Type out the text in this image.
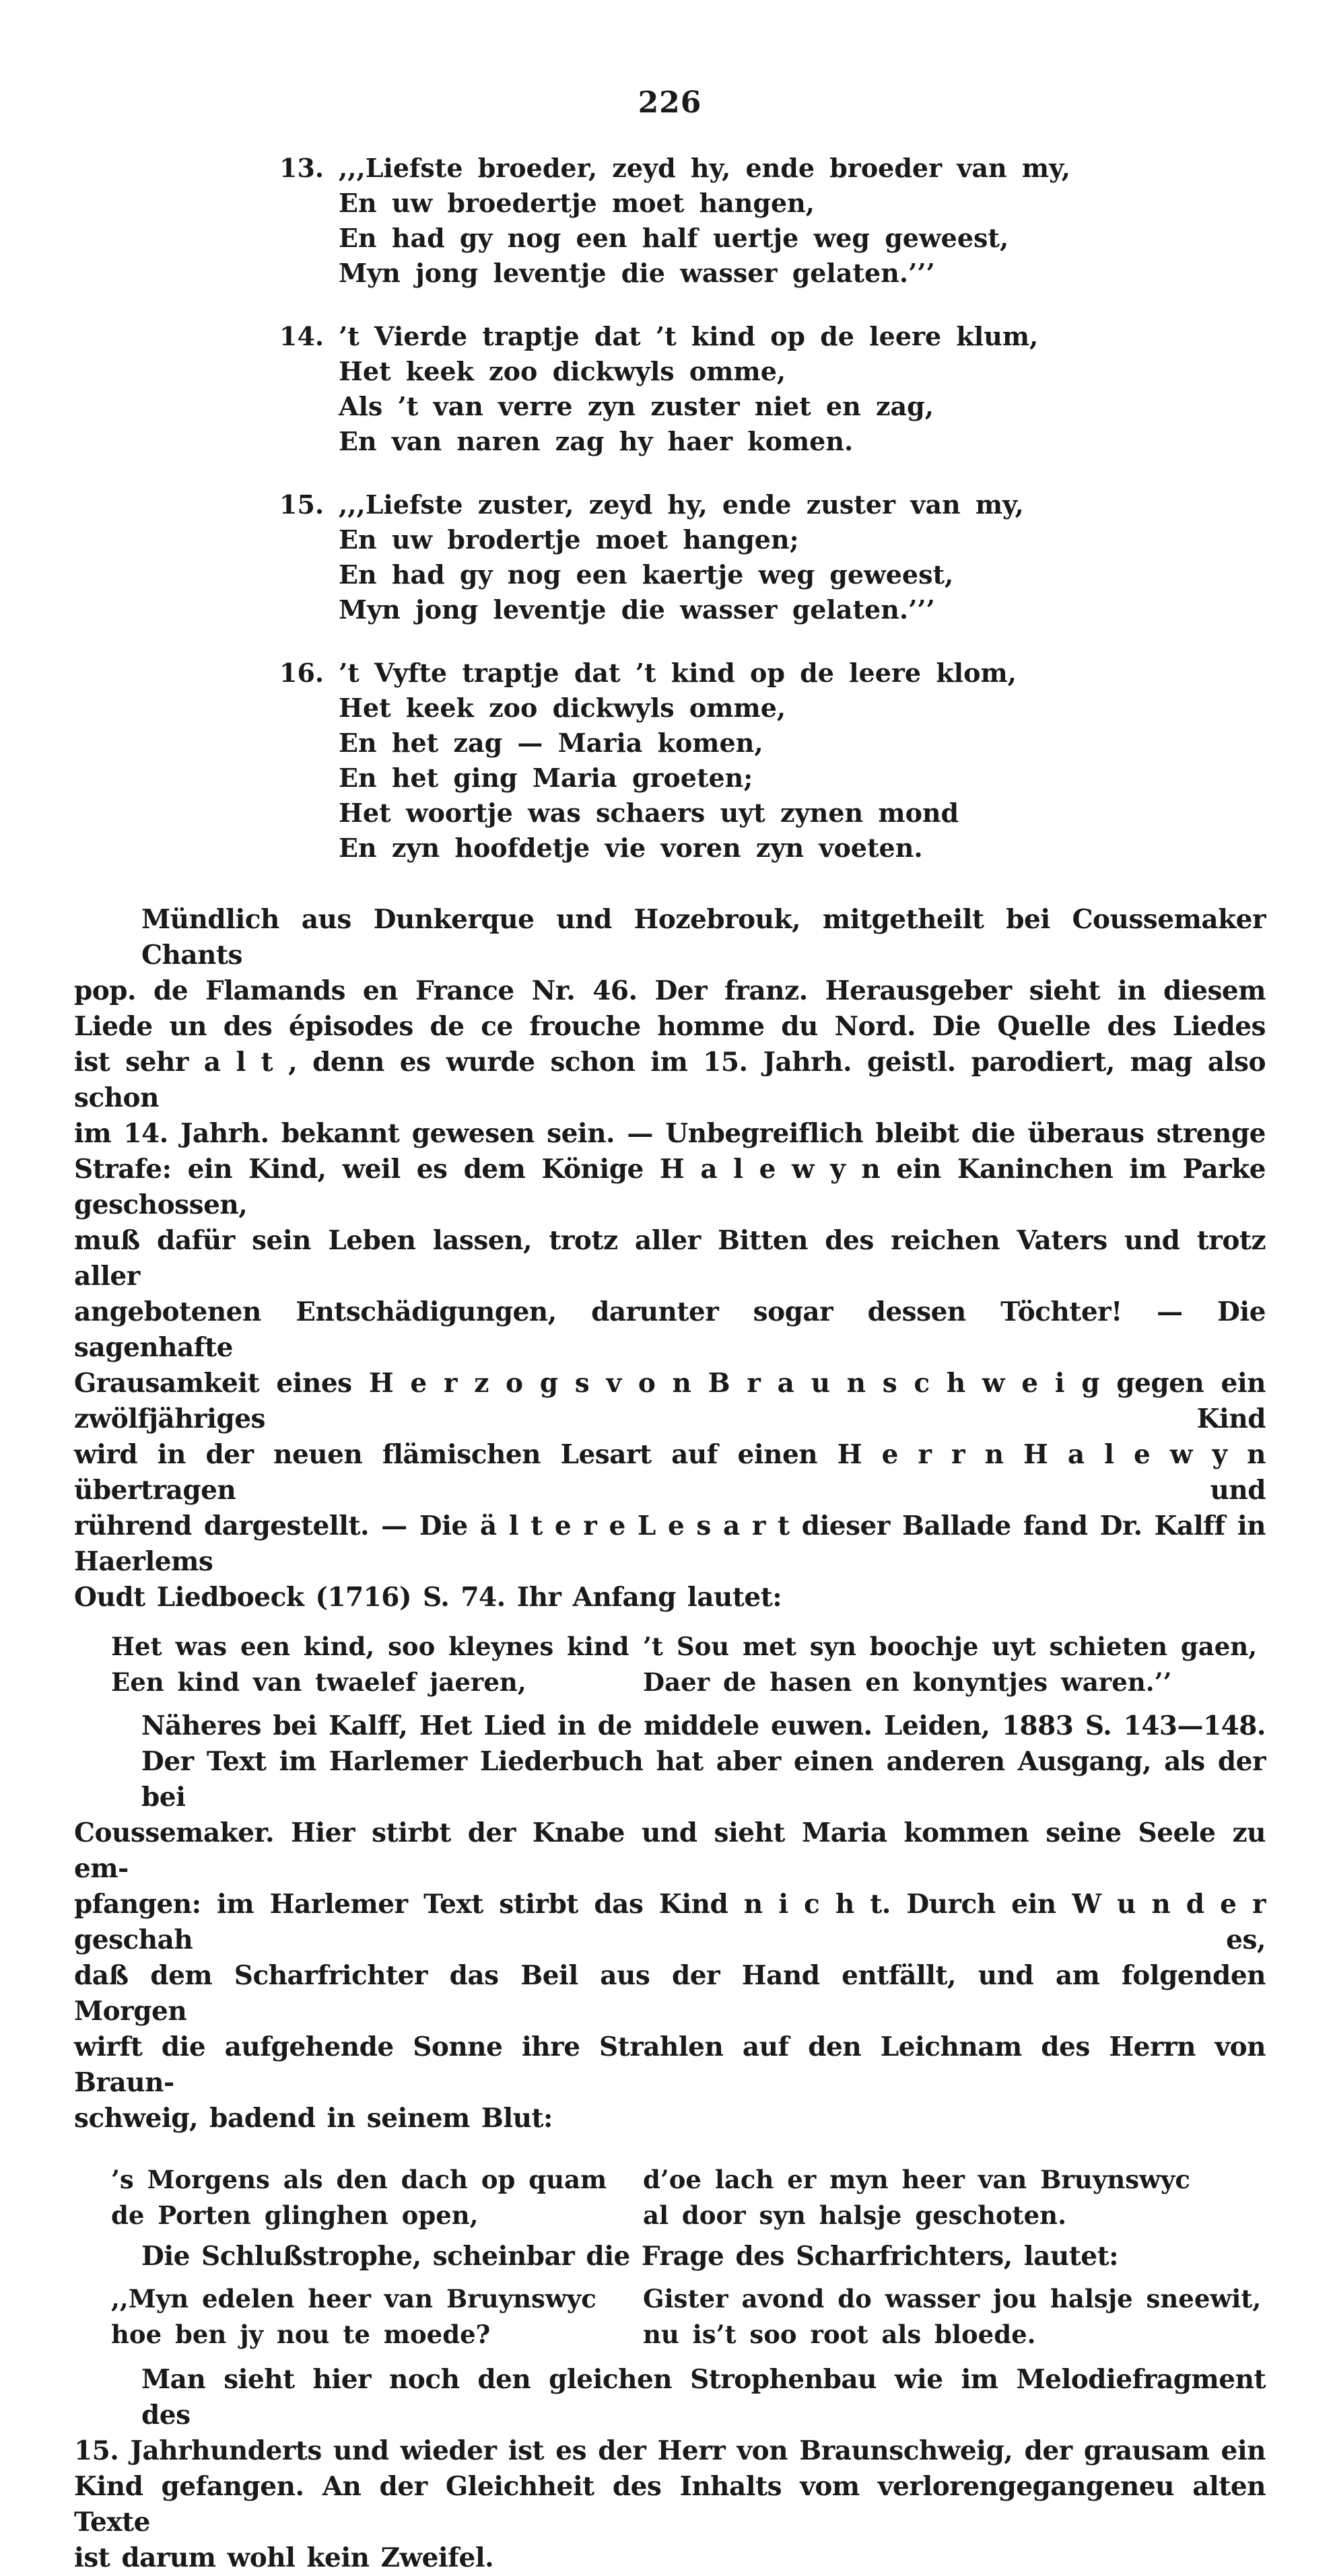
226
13. ,,,Liefste broeder, zeyd hy, ende broeder van my,
En uw broedertje moet hangen,
En had gy nog een half uertje weg geweest,
Myn jong leventje die wasser gelaten.’’’
14. ’t Vierde traptje dat ’t kind op de leere klum,
Het keek zoo dickwyls omme,
Als ’t van verre zyn zuster niet en zag,
En van naren zag hy haer komen.
15. ,,,Liefste zuster, zeyd hy, ende zuster van my,
En uw brodertje moet hangen;
En had gy nog een kaertje weg geweest,
Myn jong leventje die wasser gelaten.’’’
16. ’t Vyfte traptje dat ’t kind op de leere klom,
Het keek zoo dickwyls omme,
En het zag — Maria komen,
En het ging Maria groeten;
Het woortje was schaers uyt zynen mond
En zyn hoofdetje vie voren zyn voeten.
Mündlich aus Dunkerque und Hozebrouk, mitgetheilt bei Coussemaker Chants
pop. de Flamands en France Nr. 46. Der franz. Herausgeber sieht in diesem
Liede un des épisodes de ce frouche homme du Nord. Die Quelle des Liedes
ist sehr a l t , denn es wurde schon im 15. Jahrh. geistl. parodiert, mag also schon
im 14. Jahrh. bekannt gewesen sein. — Unbegreiflich bleibt die überaus strenge
Strafe: ein Kind, weil es dem Könige H a l e w y n ein Kaninchen im Parke geschossen,
muß dafür sein Leben lassen, trotz aller Bitten des reichen Vaters und trotz aller
angebotenen Entschädigungen, darunter sogar dessen Töchter! — Die sagenhafte
Grausamkeit eines H e r z o g s v o n B r a u n s c h w e i g gegen ein zwölfjähriges Kind
wird in der neuen flämischen Lesart auf einen H e r r n H a l e w y n übertragen und
rührend dargestellt. — Die ä l t e r e L e s a r t dieser Ballade fand Dr. Kalff in Haerlems
Oudt Liedboeck (1716) S. 74. Ihr Anfang lautet:
Het was een kind, soo kleynes kind
Een kind van twaelef jaeren,
’t Sou met syn boochje uyt schieten gaen,
Daer de hasen en konyntjes waren.’’
Näheres bei Kalff, Het Lied in de middele euwen. Leiden, 1883 S. 143—148.
Der Text im Harlemer Liederbuch hat aber einen anderen Ausgang, als der bei
Coussemaker. Hier stirbt der Knabe und sieht Maria kommen seine Seele zu em-
pfangen: im Harlemer Text stirbt das Kind n i c h t. Durch ein W u n d e r geschah es,
daß dem Scharfrichter das Beil aus der Hand entfällt, und am folgenden Morgen
wirft die aufgehende Sonne ihre Strahlen auf den Leichnam des Herrn von Braun-
schweig, badend in seinem Blut:
’s Morgens als den dach op quam
de Porten glinghen open,
d’oe lach er myn heer van Bruynswyc
al door syn halsje geschoten.
Die Schlußstrophe, scheinbar die Frage des Scharfrichters, lautet:
,,Myn edelen heer van Bruynswyc
hoe ben jy nou te moede?
Gister avond do wasser jou halsje sneewit,
nu is’t soo root als bloede.
Man sieht hier noch den gleichen Strophenbau wie im Melodiefragment des
15. Jahrhunderts und wieder ist es der Herr von Braunschweig, der grausam ein
Kind gefangen. An der Gleichheit des Inhalts vom verlorengegangeneu alten Texte
ist darum wohl kein Zweifel.
